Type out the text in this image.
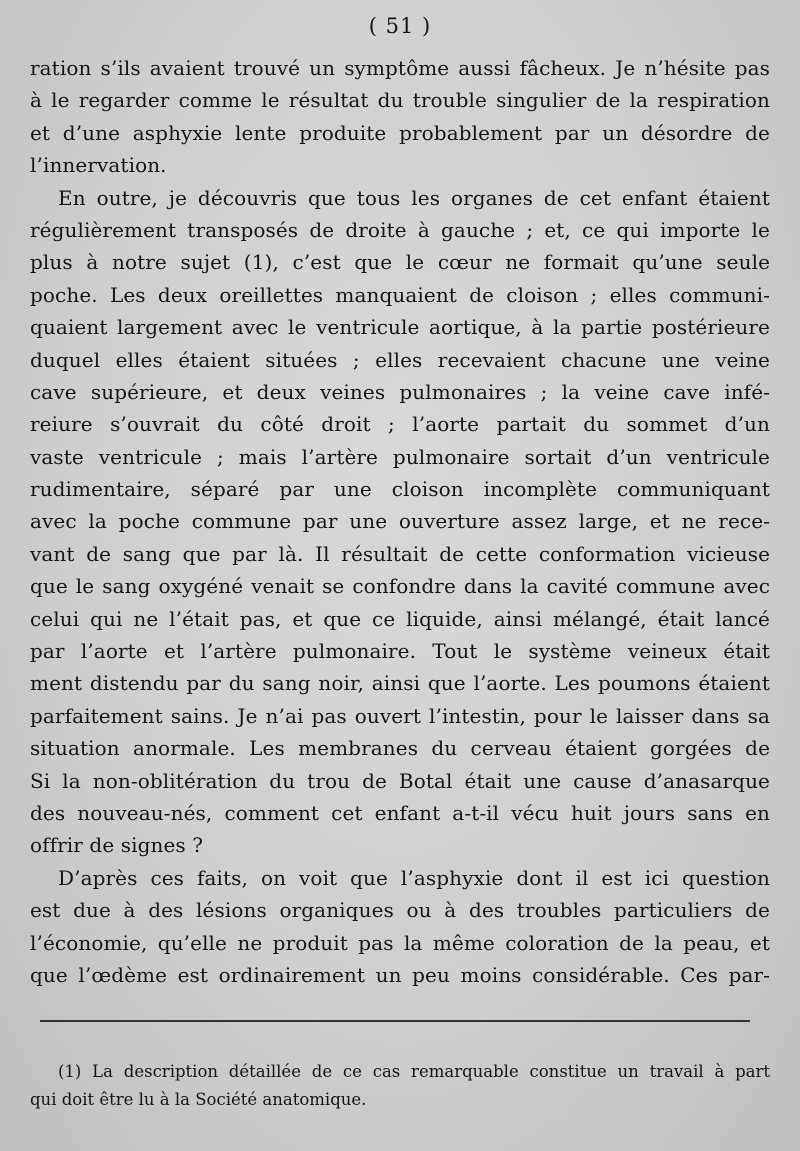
( 51 )

ration s’ils avaient trouvé un symptôme aussi fâcheux. Je n’hésite pas
à le regarder comme le résultat du trouble singulier de la respiration
et d’une asphyxie lente produite probablement par un désordre de
l’innervation.

En outre, je découvris que tous les organes de cet enfant étaient
régulièrement transposés de droite à gauche ; et, ce qui importe le
plus à notre sujet (1), c’est que le cœur ne formait qu’une seule
poche. Les deux oreillettes manquaient de cloison ; elles communi-
quaient largement avec le ventricule aortique, à la partie postérieure
duquel elles étaient situées ; elles recevaient chacune une veine
cave supérieure, et deux veines pulmonaires ; la veine cave infé-
reiure s’ouvrait du côté droit ; l’aorte partait du sommet d’un
vaste ventricule ; mais l’artère pulmonaire sortait d’un ventricule
rudimentaire, séparé par une cloison incomplète communiquant
avec la poche commune par une ouverture assez large, et ne rece-
vant de sang que par là. Il résultait de cette conformation vicieuse
que le sang oxygéné venait se confondre dans la cavité commune avec
celui qui ne l’était pas, et que ce liquide, ainsi mélangé, était lancé
par l’aorte et l’artère pulmonaire. Tout le système veineux était
ment distendu par du sang noir, ainsi que l’aorte. Les poumons étaient
parfaitement sains. Je n’ai pas ouvert l’intestin, pour le laisser dans sa
situation anormale. Les membranes du cerveau étaient gorgées de
Si la non-oblitération du trou de Botal était une cause d’anasarque
des nouveau-nés, comment cet enfant a-t-il vécu huit jours sans en
offrir de signes ?

D’après ces faits, on voit que l’asphyxie dont il est ici question
est due à des lésions organiques ou à des troubles particuliers de
l’économie, qu’elle ne produit pas la même coloration de la peau, et
que l’œdème est ordinairement un peu moins considérable. Ces par-

(1) La description détaillée de ce cas remarquable constitue un travail à part
qui doit être lu à la Société anatomique.
